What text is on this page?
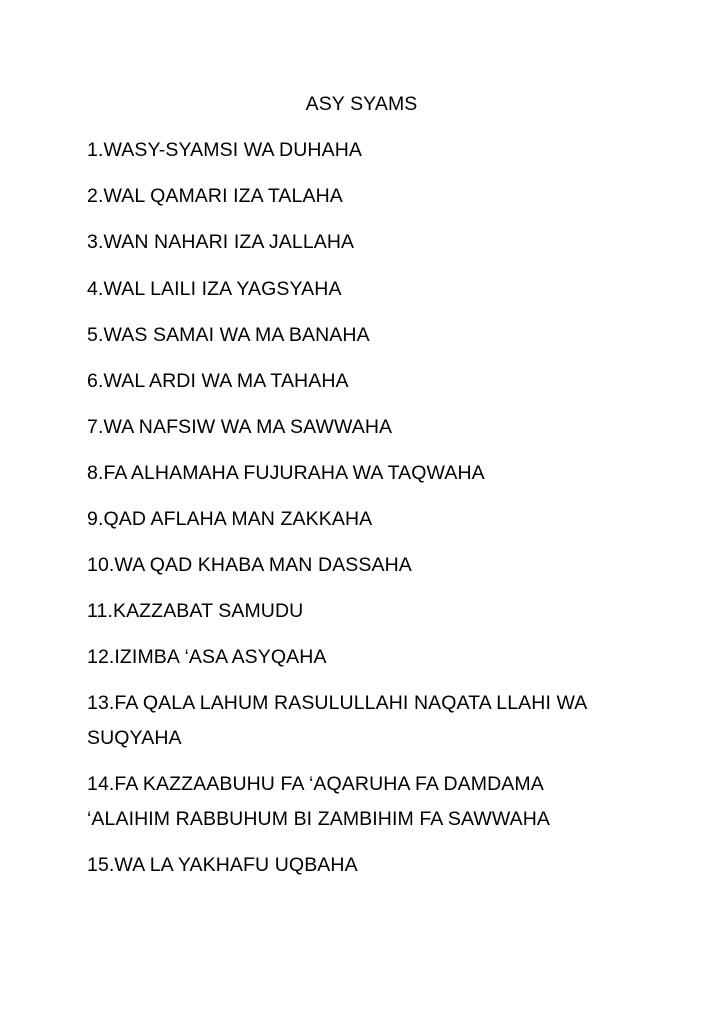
ASY SYAMS
1.WASY-SYAMSI WA DUHAHA
2.WAL QAMARI IZA TALAHA
3.WAN NAHARI IZA JALLAHA
4.WAL LAILI IZA YAGSYAHA
5.WAS SAMAI WA MA BANAHA
6.WAL ARDI WA MA TAHAHA
7.WA NAFSIW WA MA SAWWAHA
8.FA ALHAMAHA FUJURAHA WA TAQWAHA
9.QAD AFLAHA MAN ZAKKAHA
10.WA QAD KHABA MAN DASSAHA
11.KAZZABAT SAMUDU
12.IZIMBA ‘ASA ASYQAHA
13.FA QALA LAHUM RASULULLAHI NAQATA LLAHI WA
SUQYAHA
14.FA KAZZAABUHU FA ‘AQARUHA FA DAMDAMA
‘ALAIHIM RABBUHUM BI ZAMBIHIM FA SAWWAHA
15.WA LA YAKHAFU UQBAHA
